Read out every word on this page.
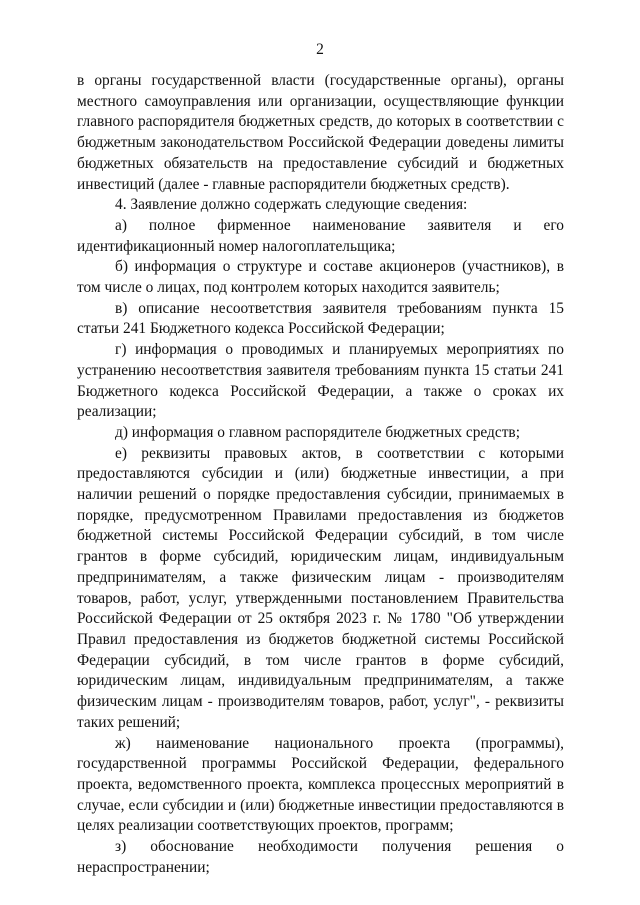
2

в органы государственной власти (государственные органы), органы местного самоуправления или организации, осуществляющие функции главного распорядителя бюджетных средств, до которых в соответствии с бюджетным законодательством Российской Федерации доведены лимиты бюджетных обязательств на предоставление субсидий и бюджетных инвестиций (далее - главные распорядители бюджетных средств).

4. Заявление должно содержать следующие сведения:

а) полное фирменное наименование заявителя и его идентификационный номер налогоплательщика;

б) информация о структуре и составе акционеров (участников), в том числе о лицах, под контролем которых находится заявитель;

в) описание несоответствия заявителя требованиям пункта 15 статьи 241 Бюджетного кодекса Российской Федерации;

г) информация о проводимых и планируемых мероприятиях по устранению несоответствия заявителя требованиям пункта 15 статьи 241 Бюджетного кодекса Российской Федерации, а также о сроках их реализации;

д) информация о главном распорядителе бюджетных средств;

е) реквизиты правовых актов, в соответствии с которыми предоставляются субсидии и (или) бюджетные инвестиции, а при наличии решений о порядке предоставления субсидии, принимаемых в порядке, предусмотренном Правилами предоставления из бюджетов бюджетной системы Российской Федерации субсидий, в том числе грантов в форме субсидий, юридическим лицам, индивидуальным предпринимателям, а также физическим лицам - производителям товаров, работ, услуг, утвержденными постановлением Правительства Российской Федерации от 25 октября 2023 г. № 1780 "Об утверждении Правил предоставления из бюджетов бюджетной системы Российской Федерации субсидий, в том числе грантов в форме субсидий, юридическим лицам, индивидуальным предпринимателям, а также физическим лицам - производителям товаров, работ, услуг", - реквизиты таких решений;

ж) наименование национального проекта (программы), государственной программы Российской Федерации, федерального проекта, ведомственного проекта, комплекса процессных мероприятий в случае, если субсидии и (или) бюджетные инвестиции предоставляются в целях реализации соответствующих проектов, программ;

з) обоснование необходимости получения решения о нераспространении;
